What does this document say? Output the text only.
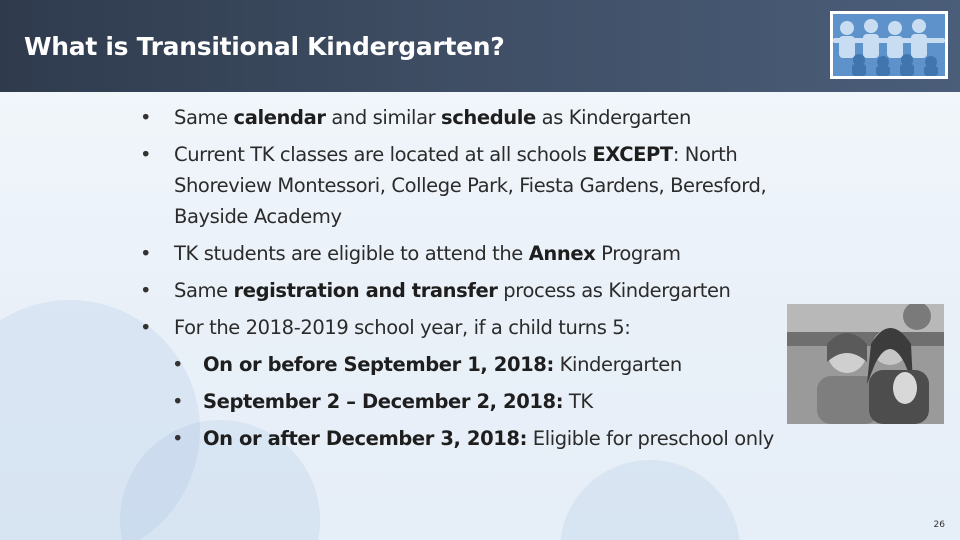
What is Transitional Kindergarten?
• Same calendar and similar schedule as Kindergarten
• Current TK classes are located at all schools EXCEPT: North Shoreview Montessori, College Park, Fiesta Gardens, Beresford, Bayside Academy
• TK students are eligible to attend the Annex Program
• Same registration and transfer process as Kindergarten
• For the 2018-2019 school year, if a child turns 5:
• On or before September 1, 2018: Kindergarten
• September 2 – December 2, 2018: TK
• On or after December 3, 2018: Eligible for preschool only
26
